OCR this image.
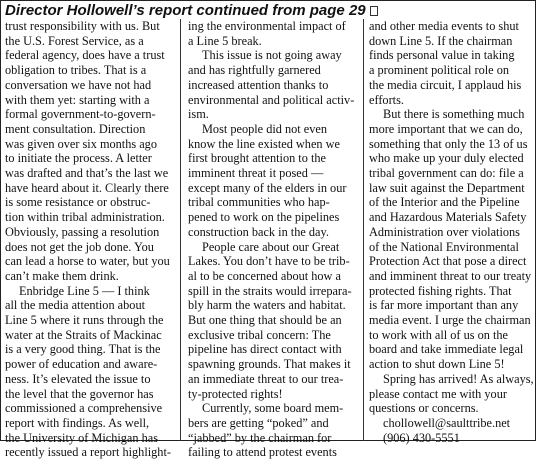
Director Hollowell’s report continued from page 29
trust responsibility with us. But
the U.S. Forest Service, as a
federal agency, does have a trust
obligation to tribes. That is a
conversation we have not had
with them yet: starting with a
formal government-to-govern-
ment consultation. Direction
was given over six months ago
to initiate the process. A letter
was drafted and that’s the last we
have heard about it. Clearly there
is some resistance or obstruc-
tion within tribal administration.
Obviously, passing a resolution
does not get the job done. You
can lead a horse to water, but you
can’t make them drink.
Enbridge Line 5 — I think
all the media attention about
Line 5 where it runs through the
water at the Straits of Mackinac
is a very good thing. That is the
power of education and aware-
ness. It’s elevated the issue to
the level that the governor has
commissioned a comprehensive
report with findings. As well,
the University of Michigan has
recently issued a report highlight-
ing the environmental impact of
a Line 5 break.
This issue is not going away
and has rightfully garnered
increased attention thanks to
environmental and political activ-
ism.
Most people did not even
know the line existed when we
first brought attention to the
imminent threat it posed —
except many of the elders in our
tribal communities who hap-
pened to work on the pipelines
construction back in the day.
People care about our Great
Lakes. You don’t have to be trib-
al to be concerned about how a
spill in the straits would irrepara-
bly harm the waters and habitat.
But one thing that should be an
exclusive tribal concern: The
pipeline has direct contact with
spawning grounds. That makes it
an immediate threat to our trea-
ty-protected rights!
Currently, some board mem-
bers are getting “poked” and
“jabbed” by the chairman for
failing to attend protest events
and other media events to shut
down Line 5. If the chairman
finds personal value in taking
a prominent political role on
the media circuit, I applaud his
efforts.
But there is something much
more important that we can do,
something that only the 13 of us
who make up your duly elected
tribal government can do: file a
law suit against the Department
of the Interior and the Pipeline
and Hazardous Materials Safety
Administration over violations
of the National Environmental
Protection Act that pose a direct
and imminent threat to our treaty
protected fishing rights. That
is far more important than any
media event. I urge the chairman
to work with all of us on the
board and take immediate legal
action to shut down Line 5!
Spring has arrived! As always,
please contact me with your
questions or concerns.
chollowell@saulttribe.net
(906) 430-5551
